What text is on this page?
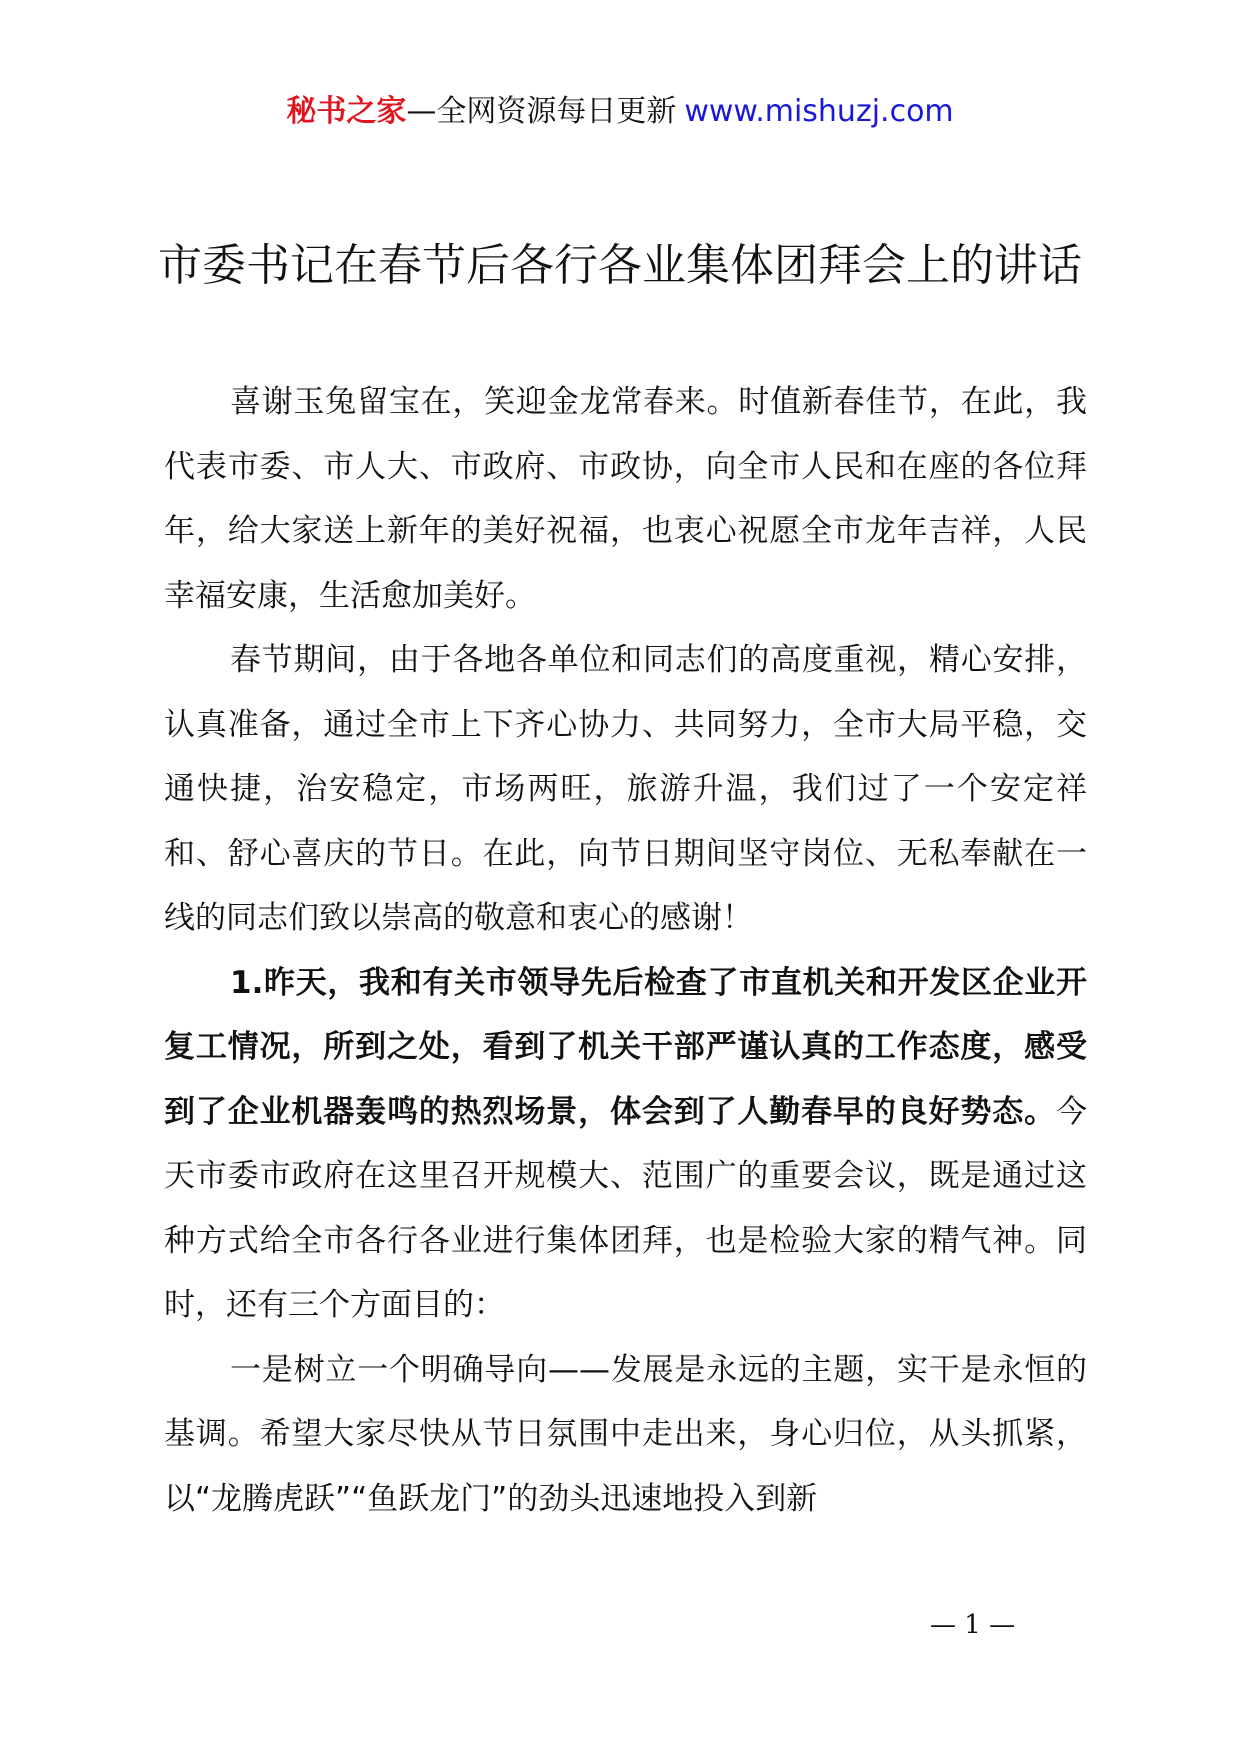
秘书之家—全网资源每日更新 www.mishuzj.com
市委书记在春节后各行各业集体团拜会上的讲话

喜谢玉兔留宝在，笑迎金龙常春来。时值新春佳节，在此，我代表市委、市人大、市政府、市政协，向全市人民和在座的各位拜年，给大家送上新年的美好祝福，也衷心祝愿全市龙年吉祥，人民幸福安康，生活愈加美好。

春节期间，由于各地各单位和同志们的高度重视，精心安排，认真准备，通过全市上下齐心协力、共同努力，全市大局平稳，交通快捷，治安稳定，市场两旺，旅游升温，我们过了一个安定祥和、舒心喜庆的节日。在此，向节日期间坚守岗位、无私奉献在一线的同志们致以崇高的敬意和衷心的感谢！

1.昨天，我和有关市领导先后检查了市直机关和开发区企业开复工情况，所到之处，看到了机关干部严谨认真的工作态度，感受到了企业机器轰鸣的热烈场景，体会到了人勤春早的良好势态。今天市委市政府在这里召开规模大、范围广的重要会议，既是通过这种方式给全市各行各业进行集体团拜，也是检验大家的精气神。同时，还有三个方面目的：

一是树立一个明确导向——发展是永远的主题，实干是永恒的基调。希望大家尽快从节日氛围中走出来，身心归位，从头抓紧，以“龙腾虎跃”“鱼跃龙门”的劲头迅速地投入到新

— 1 —
